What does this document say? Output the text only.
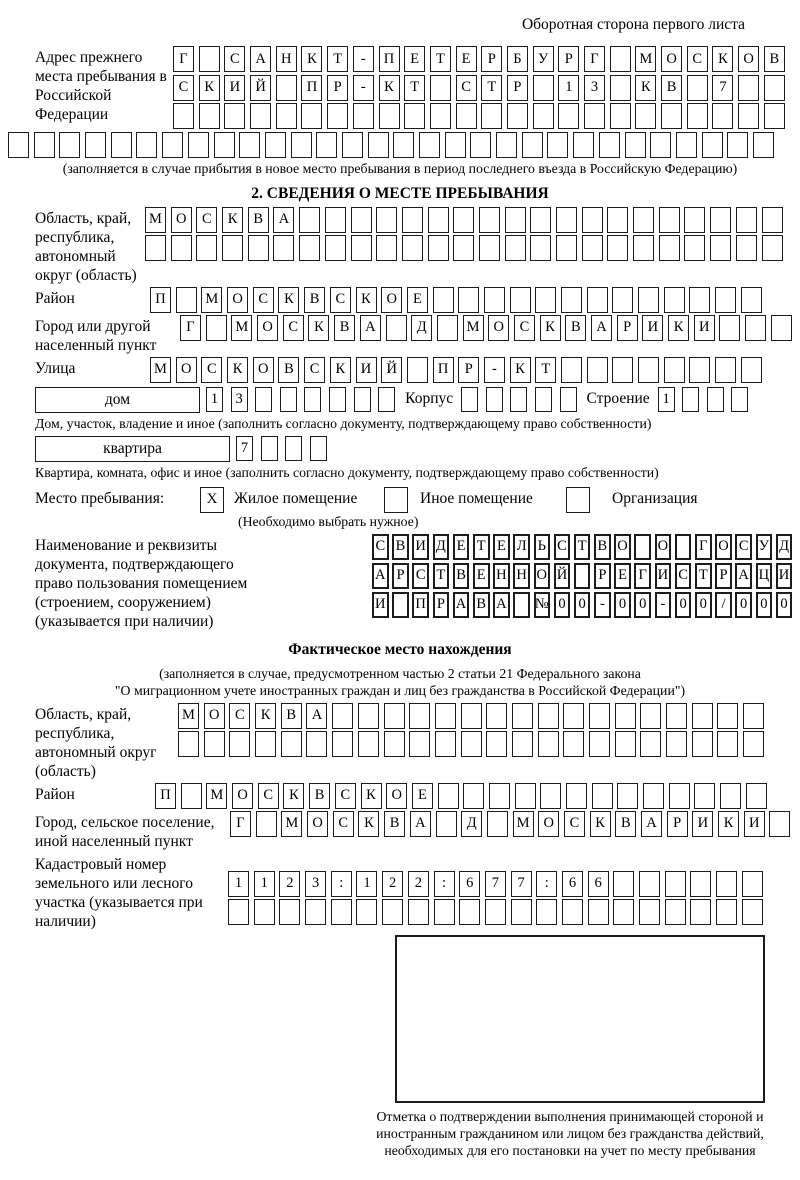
Оборотная сторона первого листа
Адрес прежнего места пребывания в Российской Федерации
Г	С	А	Н	К	Т	-	П	Е	Т	Е	Р	Б	У	Р	Г	М О	С	К	О	В
С	К	И	Й	П	Р	-	К	Т	С	Т	Р	1	3	К	В	7
(заполняется в случае прибытия в новое место пребывания в период последнего въезда в Российскую Федерацию)
2. СВЕДЕНИЯ О МЕСТЕ ПРЕБЫВАНИЯ
Область, край, республика, автономный округ (область)
М О	С	К	В	А
Район	П	М О	С	К	В	С	К	О	Е
Город или другой населенный пункт
Г	М О	С	К	В	А	Д	М О	С	К	В	А	Р	И	К	И
Улица	М О	С	К	О	В	С	К	И	Й	П	Р	-	К	Т
дом	1	3	Корпус	Строение 1
Дом, участок, владение и иное (заполнить согласно документу, подтверждающему право собственности)
квартира	7
Квартира, комната, офис и иное (заполнить согласно документу, подтверждающему право собственности)
Место пребывания:	X	Жилое помещение	Иное помещение	Организация
(Необходимо выбрать нужное)
Наименование и реквизиты документа, подтверждающего право пользования помещением (строением, сооружением) (указывается при наличии)
С В И Д Е Т Е Л Ь С Т В О О Г О С У Д
А Р С Т В Е Н Н О Й Р Е Г И С Т Р А Ц И
И П Р А В А № 0 0 - 0 0 - 0 0	/	0 0 0
Фактическое место нахождения
(заполняется в случае, предусмотренном частью 2 статьи 21 Федерального закона
"О миграционном учете иностранных граждан и лиц без гражданства в Российской Федерации")
Область, край, республика, автономный округ (область)
М О	С	К	В	А
Район	П	М О	С	К	В	С	К	О	Е
Город, сельское поселение, иной населенный пункт
Г	М О	С	К	В	А	Д	М О	С	К	В	А	Р	И	К	И
Кадастровый номер земельного или лесного участка (указывается при наличии)
1	1	2	3	:	1	2	2	:	6	7	7	:	6	6
Отметка о подтверждении выполнения принимающей стороной и иностранным гражданином или лицом без гражданства действий, необходимых для его постановки на учет по месту пребывания
